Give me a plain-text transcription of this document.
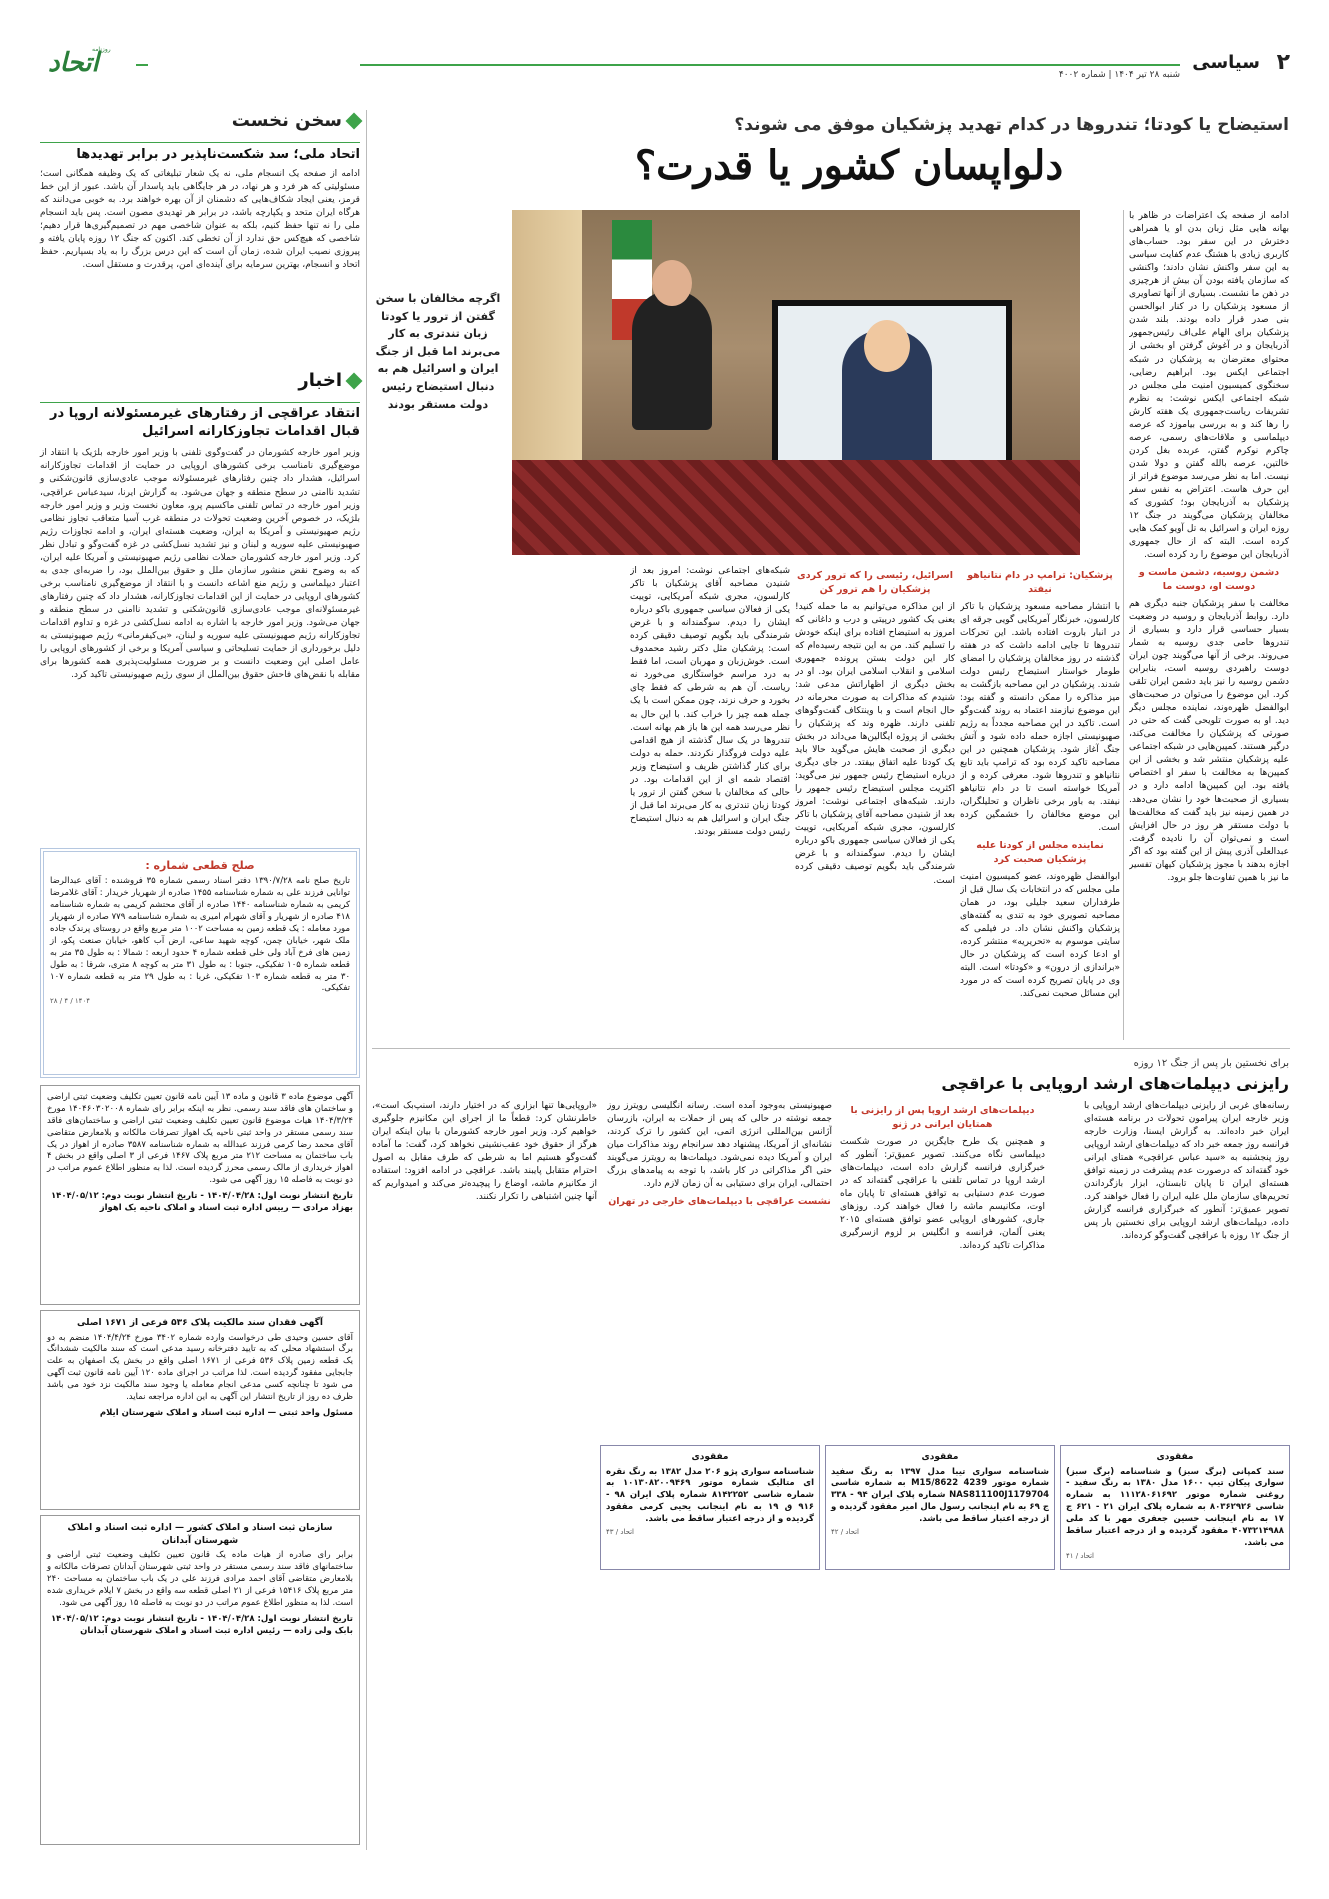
۲
سیاسی
شنبه ۲۸ تیر ۱۴۰۴ | شماره ۴۰۰۲
روزنامه
اتحاد
سخن نخست
اتحاد ملی؛ سد شکست‌ناپذیر در برابر تهدیدها
ادامه از صفحه یک انسجام ملی، نه یک شعار تبلیغاتی که یک وظیفه همگانی است؛ مسئولیتی که هر فرد و هر نهاد، در هر جایگاهی باید پاسدار آن باشد. عبور از این خط قرمز، یعنی ایجاد شکاف‌هایی که دشمنان از آن بهره خواهند برد. به خوبی می‌دانند که هرگاه ایران متحد و یکپارچه باشد، در برابر هر تهدیدی مصون است. پس باید انسجام ملی را نه تنها حفظ کنیم، بلکه به عنوان شاخصی مهم در تصمیم‌گیری‌ها قرار دهیم؛ شاخصی که هیچ‌کس حق ندارد از آن تخطی کند. اکنون که جنگ ۱۲ روزه پایان یافته و پیروزی نصیب ایران شده، زمان آن است که این درس بزرگ را به یاد بسپاریم. حفظ اتحاد و انسجام، بهترین سرمایه برای آینده‌ای امن، پرقدرت و مستقل است.
اخبار
انتقاد عراقچی از رفتارهای غیرمسئولانه اروپا در قبال اقدامات تجاوزکارانه اسرائیل
وزیر امور خارجه کشورمان در گفت‌وگوی تلفنی با وزیر امور خارجه بلژیک با انتقاد از موضع‌گیری نامناسب برخی کشورهای اروپایی در حمایت از اقدامات تجاوزکارانه اسرائیل، هشدار داد چنین رفتارهای غیرمسئولانه موجب عادی‌سازی قانون‌شکنی و تشدید ناامنی در سطح منطقه و جهان می‌شود. به گزارش ایرنا، سیدعباس عراقچی، وزیر امور خارجه در تماس تلفنی ماکسیم پرو، معاون نخست وزیر و وزیر امور خارجه بلژیک، در خصوص آخرین وضعیت تحولات در منطقه غرب آسیا متعاقب تجاوز نظامی رژیم صهیونیستی و آمریکا به ایران، وضعیت هسته‌ای ایران، و ادامه تجاوزات رژیم صهیونیستی علیه سوریه و لبنان و نیز تشدید نسل‌کشی در غزه گفت‌وگو و تبادل نظر کرد. وزیر امور خارجه کشورمان حملات نظامی رژیم صهیونیستی و آمریکا علیه ایران، که به وضوح نقض منشور سازمان ملل و حقوق بین‌الملل بود، را ضربه‌ای جدی به اعتبار دیپلماسی و رژیم منع اشاعه دانست و با انتقاد از موضع‌گیری نامناسب برخی کشورهای اروپایی در حمایت از این اقدامات تجاوزکارانه، هشدار داد که چنین رفتارهای غیرمسئولانه‌ای موجب عادی‌سازی قانون‌شکنی و تشدید ناامنی در سطح منطقه و جهان می‌شود. وزیر امور خارجه با اشاره به ادامه نسل‌کشی در غزه و تداوم اقدامات تجاوزکارانه رژیم صهیونیستی علیه سوریه و لبنان، «بی‌کیفرمانی» رژیم صهیونیستی به دلیل برخورداری از حمایت تسلیحاتی و سیاسی آمریکا و برخی از کشورهای اروپایی را عامل اصلی این وضعیت دانست و بر ضرورت مسئولیت‌پذیری همه کشورها برای مقابله با نقض‌های فاحش حقوق بین‌الملل از سوی رژیم صهیونیستی تاکید کرد.
صلح قطعی شماره :
تاریخ صلح نامه ۱۳۹۰/۷/۲۸ دفتر اسناد رسمی شماره ۳۵ فروشنده : آقای عبدالرضا توانایی فرزند علی به شماره شناسنامه ۱۴۵۵ صادره از شهریار خریدار : آقای غلامرضا کریمی به شماره شناسنامه ۱۴۴۰ صادره از آقای محتشم کریمی به شماره شناسنامه ۴۱۸ صادره از شهریار و آقای شهرام امیری به شماره شناسنامه ۷۷۹ صادره از شهریار مورد معامله : یک قطعه زمین به مساحت ۱۰۰۲ متر مربع واقع در روستای پرندک جاده ملک شهر، خیابان چمن، کوچه شهید ساعی، ارض آب کاهو، خیابان صنعت پکو، از زمین های فرخ آباد ولی خلی قطعه شماره ۴ حدود اربعه : شمالا : به طول ۳۵ متر به قطعه شماره ۱۰۵ تفکیکی، جنوبا : به طول ۳۱ متر به کوچه ۸ متری، شرقا : به طول ۳۰ متر به قطعه شماره ۱۰۳ تفکیکی، غربا : به طول ۲۹ متر به قطعه شماره ۱۰۷ تفکیکی.
۱۴۰۴ / ۴ / ۲۸
آگهی موضوع ماده ۳ قانون و ماده ۱۳ آیین نامه قانون تعیین تکلیف وضعیت ثبتی اراضی و ساختمان های فاقد سند رسمی. نظر به اینکه برابر رای شماره ۱۴۰۴۶۰۳۰۲۰۰۸ مورخ ۱۴۰۴/۳/۲۴ هیات موضوع قانون تعیین تکلیف وضعیت ثبتی اراضی و ساختمان‌های فاقد سند رسمی مستقر در واحد ثبتی ناحیه یک اهواز تصرفات مالکانه و بلامعارض متقاضی آقای محمد رضا کرمی فرزند عبدالله به شماره شناسنامه ۳۵۸۷ صادره از اهواز در یک باب ساختمان به مساحت ۲۱۲ متر مربع پلاک ۱۴۶۷ فرعی از ۳ اصلی واقع در بخش ۴ اهواز خریداری از مالک رسمی محرز گردیده است. لذا به منظور اطلاع عموم مراتب در دو نوبت به فاصله ۱۵ روز آگهی می شود.
تاریخ انتشار نوبت اول: ۱۴۰۴/۰۴/۲۸ - تاریخ انتشار نوبت دوم: ۱۴۰۴/۰۵/۱۲
بهزاد مرادی — رییس اداره ثبت اسناد و املاک ناحیه یک اهواز
آگهی فقدان سند مالکیت پلاک ۵۳۶ فرعی از ۱۶۷۱ اصلی
آقای حسین وحیدی طی درخواست وارده شماره ۳۴۰۲ مورخ ۱۴۰۴/۴/۲۴ منضم به دو برگ استشهاد محلی که به تایید دفترخانه رسید مدعی است که سند مالکیت ششدانگ یک قطعه زمین پلاک ۵۳۶ فرعی از ۱۶۷۱ اصلی واقع در بخش یک اصفهان به علت جابجایی مفقود گردیده است. لذا مراتب در اجرای ماده ۱۲۰ آیین نامه قانون ثبت آگهی می شود تا چنانچه کسی مدعی انجام معامله یا وجود سند مالکیت نزد خود می باشد ظرف ده روز از تاریخ انتشار این آگهی به این اداره مراجعه نماید.
مسئول واحد ثبتی — اداره ثبت اسناد و املاک شهرستان ایلام
سازمان ثبت اسناد و املاک کشور — اداره ثبت اسناد و املاک شهرستان آبدانان
برابر رای صادره از هیات ماده یک قانون تعیین تکلیف وضعیت ثبتی اراضی و ساختمانهای فاقد سند رسمی مستقر در واحد ثبتی شهرستان آبدانان تصرفات مالکانه و بلامعارض متقاضی آقای احمد مرادی فرزند علی در یک باب ساختمان به مساحت ۲۴۰ متر مربع پلاک ۱۵۴۱۶ فرعی از ۲۱ اصلی قطعه سه واقع در بخش ۷ ایلام خریداری شده است. لذا به منظور اطلاع عموم مراتب در دو نوبت به فاصله ۱۵ روز آگهی می شود.
تاریخ انتشار نوبت اول: ۱۴۰۴/۰۴/۲۸ - تاریخ انتشار نوبت دوم: ۱۴۰۴/۰۵/۱۲
بابک ولی زاده — رئیس اداره ثبت اسناد و املاک شهرستان آبدانان
استیضاح یا کودتا؛ تندروها در کدام تهدید پزشکیان موفق می شوند؟
دلواپسان کشور یا قدرت؟
اگرچه مخالفان با سخن گفتن از ترور یا کودتا زبان تندتری به کار می‌برند اما قبل از جنگ ایران و اسرائیل هم به دنبال استیضاح رئیس دولت مستقر بودند

ادامه از صفحه یک اعتراضات در ظاهر با بهانه هایی مثل زبان بدن او یا همراهی دخترش در این سفر بود. حساب‌های کاربری زیادی با هشتگ عدم کفایت سیاسی به این سفر واکنش نشان دادند؛ واکنشی که سازمان یافته بودن آن بیش از هرچیزی در ذهن ما نشست. بسیاری از آنها تصاویری از مسعود پزشکیان را در کنار ابوالحسن بنی صدر قرار داده بودند. بلند شدن پزشکیان برای الهام علی‌اف رئیس‌جمهور آذربایجان و در آغوش گرفتن او بخشی از محتوای معترضان به پزشکیان در شبکه اجتماعی ایکس بود. ابراهیم رضایی، سخنگوی کمیسیون امنیت ملی مجلس در شبکه اجتماعی ایکس نوشت: به نظرم تشریفات ریاست‌جمهوری یک هفته کارش را رها کند و به بررسی بیاموزد که عرصه دیپلماسی و ملاقات‌های رسمی، عرصه چاکرم نوکرم گفتن، عربده بغل کردن خالتین، عرصه بالله گفتن و دولا شدن نیست. اما به نظر می‌رسد موضوع فراتر از این حرف هاست. اعتراض به نفس سفر پزشکیان به آذربایجان بود؛ کشوری که مخالفان پزشکیان می‌گویند در جنگ ۱۲ روزه ایران و اسرائیل به تل آویو کمک هایی کرده است. البته که از حال جمهوری آذربایجان این موضوع را رد کرده است.

دشمن روسیه، دشمن ماست و دوست او، دوست ما

مخالفت با سفر پزشکیان جنبه دیگری هم دارد. روابط آذربایجان و روسیه در وضعیت بسیار حساسی قرار دارد و بسیاری از تندروها حامی جدی روسیه به شمار می‌روند. برخی از آنها می‌گویند چون ایران دوست راهبردی روسیه است، بنابراین دشمن روسیه را نیز باید دشمن ایران تلقی کرد. این موضوع را می‌توان در صحبت‌های ابوالفضل ظهره‌وند، نماینده مجلس دیگر دید. او به صورت تلویحی گفت که حتی در صورتی که پزشکیان را مخالفت می‌کند، درگیر هستند. کمپین‌هایی در شبکه اجتماعی علیه پزشکیان منتشر شد و بخشی از این کمپین‌ها به مخالفت با سفر او اختصاص یافته بود. این کمپین‌ها ادامه دارد و در بسیاری از صحبت‌ها خود را نشان می‌دهد. در همین زمینه نیز باید گفت که مخالفت‌ها با دولت مستقر هر روز در حال افزایش است و نمی‌توان آن را نادیده گرفت. عبدالعلی آذری پیش از این گفته بود که اگر اجازه بدهند با مجوز پزشکیان کیهان تفسیر ما نیز با همین تفاوت‌ها جلو برود.

پزشکیان: ترامپ در دام نتانیاهو نیفتد

با انتشار مصاحبه مسعود پزشکیان با تاکر کارلسون، خبرنگار آمریکایی گویی جرقه ای در انبار باروت افتاده باشد. این تحرکات تندروها تا جایی ادامه داشت که در هفته گذشته در روز مخالفان پزشکیان را امضای طومار خواستار استیضاح رئیس دولت شدند. پزشکیان در این مصاحبه بازگشت به میز مذاکره را ممکن دانسته و گفته بود: این موضوع نیازمند اعتماد به روند گفت‌وگو است. تاکید در این مصاحبه مجدداً به رژیم صهیونیستی اجازه حمله داده شود و آتش جنگ آغاز شود. پزشکیان همچنین در این مصاحبه تاکید کرده بود که ترامپ باید تابع نتانیاهو و تندروها شود. معرفی کرده و از آمریکا خواسته است تا در دام نتانیاهو نیفتد. به باور برخی ناظران و تحلیلگران، این موضع مخالفان را خشمگین کرده است.

نماینده مجلس از کودتا علیه پزشکیان صحبت کرد

ابوالفضل ظهره‌وند، عضو کمیسیون امنیت ملی مجلس که در انتخابات یک سال قبل از طرفداران سعید جلیلی بود، در همان مصاحبه تصویری خود به تندی به گفته‌های پزشکیان واکنش نشان داد. در فیلمی که سایتی موسوم به «تحریریه» منتشر کرده، او ادعا کرده است که پزشکیان در حال «براندازی از درون» و «کودتا» است. البته وی در پایان تصریح کرده است که در مورد این مسائل صحبت نمی‌کند.

اسرائیل، رئیسی را که ترور کردی پزشکیان را هم ترور کن

از این مذاکره می‌توانیم به ما حمله کنید! یعنی یک کشور درپیتی و درب و داغانی که امروز به استیضاح افتاده برای اینکه خودش را تسلیم کند. من به این نتیجه رسیده‌ام که کار این دولت بستن پرونده جمهوری اسلامی و انقلاب اسلامی ایران بود. او در بخش دیگری از اظهاراتش مدعی شد: شنیدم که مذاکرات به صورت محرمانه در حال انجام است و با وینتکاف گفت‌وگوهای تلفنی دارند. ظهره وند که پزشکیان را بخشی از پروژه ایگالین‌ها می‌داند در بخش دیگری از صحبت هایش می‌گوید حالا باید یک کودتا علیه اتفاق بیفتد. در جای دیگری درباره استیضاح رئیس جمهور نیز می‌گوید: اکثریت مجلس استیضاح رئیس جمهور را دارند. شبکه‌های اجتماعی نوشت: امروز بعد از شنیدن مصاحبه آقای پزشکیان با تاکر کارلسون، مجری شبکه آمریکایی، توییت یکی از فعالان سیاسی جمهوری باکو درباره ایشان را دیدم. سوگمندانه و با غرض شرمندگی باید بگویم توصیف دقیقی کرده است.

شبکه‌های اجتماعی نوشت: امروز بعد از شنیدن مصاحبه آقای پزشکیان با تاکر کارلسون، مجری شبکه آمریکایی، توییت یکی از فعالان سیاسی جمهوری باکو درباره ایشان را دیدم. سوگمندانه و با غرض شرمندگی باید بگویم توصیف دقیقی کرده است: پزشکیان مثل دکتر رشید محمدوف است. خوش‌زبان و مهربان است، اما فقط به درد مراسم خواستگاری می‌خورد نه ریاست. آن هم به شرطی که فقط چای بخورد و حرف نزند، چون ممکن است با یک جمله همه چیز را خراب کند. با این حال به نظر می‌رسد همه این ها باز هم بهانه است. تندروها در یک سال گذشته از هیچ اقدامی علیه دولت فروگذار نکردند. حمله به دولت برای کنار گذاشتن ظریف و استیضاح وزیر اقتصاد شمه ای از این اقدامات بود. در حالی که مخالفان با سخن گفتن از ترور یا کودتا زبان تندتری به کار می‌برند اما قبل از جنگ ایران و اسرائیل هم به دنبال استیضاح رئیس دولت مستقر بودند.

برای نخستین بار پس از جنگ ۱۲ روزه
رایزنی دیپلمات‌های ارشد اروپایی با عراقچی

رسانه‌های غربی از رایزنی دیپلمات‌های ارشد اروپایی با وزیر خارجه ایران پیرامون تحولات در برنامه هسته‌ای ایران خبر داده‌اند. به گزارش ایسنا، وزارت خارجه فرانسه روز جمعه خبر داد که دیپلمات‌های ارشد اروپایی روز پنجشنبه به «سید عباس عراقچی» همتای ایرانی خود گفته‌اند که درصورت عدم پیشرفت در زمینه توافق هسته‌ای ایران تا پایان تابستان، ابزار بازگرداندن تحریم‌های سازمان ملل علیه ایران را فعال خواهند کرد. تصویر عمیق‌تر: آنطور که خبرگزاری فرانسه گزارش داده، دیپلمات‌های ارشد اروپایی برای نخستین بار پس از جنگ ۱۲ روزه با عراقچی گفت‌وگو کرده‌اند.

دیپلمات‌های ارشد اروپا پس از رایزنی با همتایان ایرانی در ژنو

و همچنین یک طرح جایگزین در صورت شکست دیپلماسی نگاه می‌کنند. تصویر عمیق‌تر: آنطور که خبرگزاری فرانسه گزارش داده است، دیپلمات‌های ارشد اروپا در تماس تلفنی با عراقچی گفته‌اند که در صورت عدم دستیابی به توافق هسته‌ای تا پایان ماه اوت، مکانیسم ماشه را فعال خواهند کرد. روزهای جاری، کشورهای اروپایی عضو توافق هسته‌ای ۲۰۱۵ یعنی آلمان، فرانسه و انگلیس بر لزوم ازسرگیری مذاکرات تاکید کرده‌اند.

صهیونیستی به‌وجود آمده است. رسانه انگلیسی رویترز روز جمعه نوشته در حالی که پس از حملات به ایران، بازرسان آژانس بین‌المللی انرژی اتمی، این کشور را ترک کردند، نشانه‌ای از آمریکا، پیشنهاد دهد سرانجام روند مذاکرات میان ایران و آمریکا دیده نمی‌شود. دیپلمات‌ها به رویترز می‌گویند حتی اگر مذاکراتی در کار باشد، با توجه به پیامدهای بزرگ احتمالی، ایران برای دستیابی به آن زمان لازم دارد.

نشست عراقچی با دیپلمات‌های خارجی در تهران

«اروپایی‌ها تنها ابزاری که در اختیار دارند، اسنپ‌بک است»، خاطرنشان کرد: قطعاً ما از اجرای این مکانیزم جلوگیری خواهیم کرد. وزیر امور خارجه کشورمان با بیان اینکه ایران هرگز از حقوق خود عقب‌نشینی نخواهد کرد، گفت: ما آماده گفت‌وگو هستیم اما به شرطی که طرف مقابل به اصول احترام متقابل پایبند باشد. عراقچی در ادامه افزود: استفاده از مکانیزم ماشه، اوضاع را پیچیده‌تر می‌کند و امیدواریم که آنها چنین اشتباهی را تکرار نکنند.

مفقودی
سند کمپانی (برگ سبز) و شناسنامه (برگ سبز) سواری پیکان تیپ ۱۶۰۰ مدل ۱۳۸۰ به رنگ سفید - روغنی شماره موتور ۱۱۱۲۸۰۶۱۶۹۲ به شماره شاسی ۸۰۳۶۲۹۲۶ به شماره پلاک ایران ۲۱ - ۶۲۱ ج ۱۷ به نام اینجانب حسین جعفری مهر با کد ملی ۴۰۷۳۲۱۴۹۸۸ مفقود گردیده و از درجه اعتبار ساقط می باشد.
اتحاد / ۴۱
مفقودی
شناسنامه سواری تیبا مدل ۱۳۹۷ به رنگ سفید شماره موتور M15/8622 4239 به شماره شاسی NAS811100J1179704 شماره پلاک ایران ۹۴ - ۳۳۸ ج ۶۹ به نام اینجانب رسول مال امیر مفقود گردیده و از درجه اعتبار ساقط می باشد.
اتحاد / ۴۲
مفقودی
شناسنامه سواری پژو ۲۰۶ مدل ۱۳۸۲ به رنگ نقره ای متالیک شماره موتور ۱۰۱۳۰۸۲۰۰۹۴۶۹ به شماره شاسی ۸۱۴۲۲۵۲ شماره پلاک ایران ۹۸ - ۹۱۶ ق ۱۹ به نام اینجانب یحیی کرمی مفقود گردیده و از درجه اعتبار ساقط می باشد.
اتحاد / ۴۳
